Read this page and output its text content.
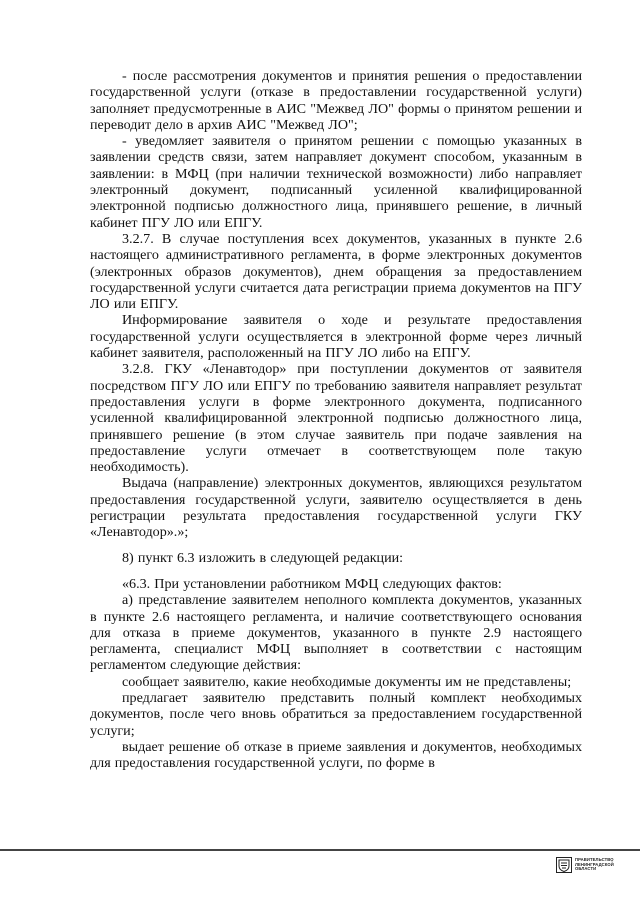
- после рассмотрения документов и принятия решения о предоставлении государственной услуги (отказе в предоставлении государственной услуги) заполняет предусмотренные в АИС "Межвед ЛО" формы о принятом решении и переводит дело в архив АИС "Межвед ЛО";

- уведомляет заявителя о принятом решении с помощью указанных в заявлении средств связи, затем направляет документ способом, указанным в заявлении: в МФЦ (при наличии технической возможности) либо направляет электронный документ, подписанный усиленной квалифицированной электронной подписью должностного лица, принявшего решение, в личный кабинет ПГУ ЛО или ЕПГУ.

3.2.7. В случае поступления всех документов, указанных в пункте 2.6 настоящего административного регламента, в форме электронных документов (электронных образов документов), днем обращения за предоставлением государственной услуги считается дата регистрации приема документов на ПГУ ЛО или ЕПГУ.

Информирование заявителя о ходе и результате предоставления государственной услуги осуществляется в электронной форме через личный кабинет заявителя, расположенный на ПГУ ЛО либо на ЕПГУ.

3.2.8. ГКУ «Ленавтодор» при поступлении документов от заявителя посредством ПГУ ЛО или ЕПГУ по требованию заявителя направляет результат предоставления услуги в форме электронного документа, подписанного усиленной квалифицированной электронной подписью должностного лица, принявшего решение (в этом случае заявитель при подаче заявления на предоставление услуги отмечает в соответствующем поле такую необходимость).

Выдача (направление) электронных документов, являющихся результатом предоставления государственной услуги, заявителю осуществляется в день регистрации результата предоставления государственной услуги ГКУ «Ленавтодор».»;

8) пункт 6.3 изложить в следующей редакции:

«6.3. При установлении работником МФЦ следующих фактов:

а) представление заявителем неполного комплекта документов, указанных в пункте 2.6 настоящего регламента, и наличие соответствующего основания для отказа в приеме документов, указанного в пункте 2.9 настоящего регламента, специалист МФЦ выполняет в соответствии с настоящим регламентом следующие действия:

сообщает заявителю, какие необходимые документы им не представлены;

предлагает заявителю представить полный комплект необходимых документов, после чего вновь обратиться за предоставлением государственной услуги;

выдает решение об отказе в приеме заявления и документов, необходимых для предоставления государственной услуги, по форме в

ПРАВИТЕЛЬСТВО
ЛЕНИНГРАДСКОЙ
ОБЛАСТИ
